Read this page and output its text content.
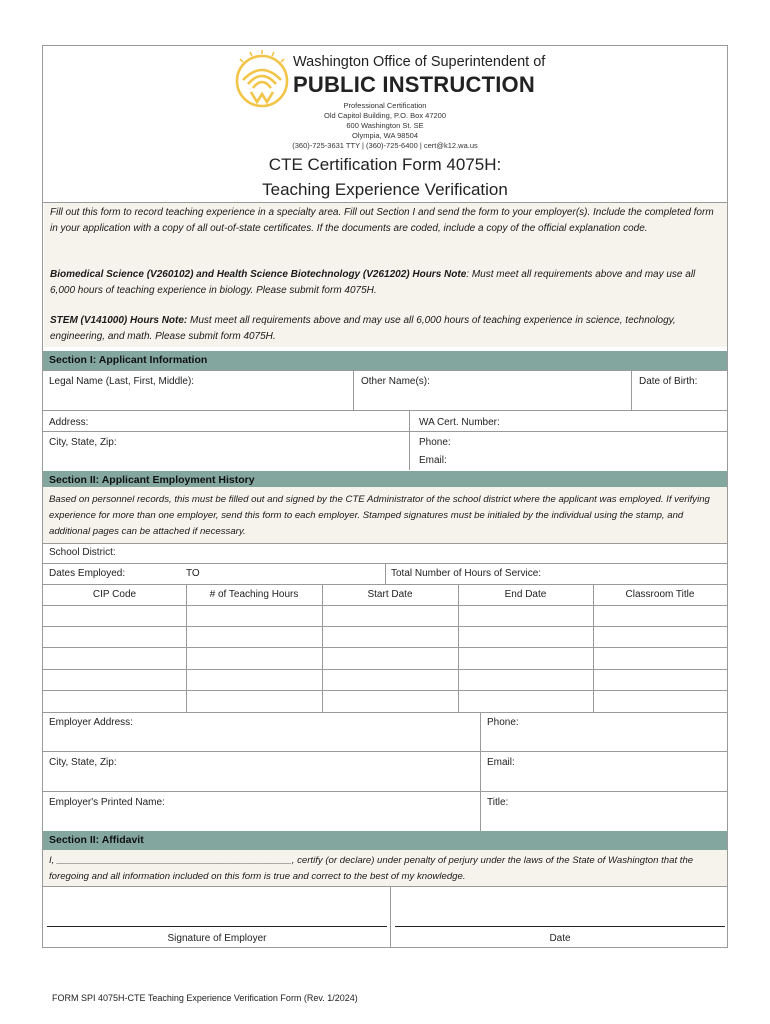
Washington Office of Superintendent of
PUBLIC INSTRUCTION
Professional Certification
Old Capitol Building, P.O. Box 47200
600 Washington St. SE
Olympia, WA 98504
(360)-725-3631 TTY | (360)-725-6400 | cert@k12.wa.us
CTE Certification Form 4075H:
Teaching Experience Verification

Fill out this form to record teaching experience in a specialty area. Fill out Section I and send the form to your employer(s). Include the completed form in your application with a copy of all out-of-state certificates. If the documents are coded, include a copy of the official explanation code.

Biomedical Science (V260102) and Health Science Biotechnology (V261202) Hours Note: Must meet all requirements above and may use all 6,000 hours of teaching experience in biology. Please submit form 4075H.

STEM (V141000) Hours Note: Must meet all requirements above and may use all 6,000 hours of teaching experience in science, technology, engineering, and math. Please submit form 4075H.

Section I: Applicant Information
Legal Name (Last, First, Middle):	Other Name(s):	Date of Birth:
Address:	WA Cert. Number:
City, State, Zip:	Phone:
Email:
Section II: Applicant Employment History
Based on personnel records, this must be filled out and signed by the CTE Administrator of the school district where the applicant was employed. If verifying experience for more than one employer, send this form to each employer. Stamped signatures must be initialed by the individual using the stamp, and additional pages can be attached if necessary.
School District:
Dates Employed:	TO	Total Number of Hours of Service:
CIP Code	# of Teaching Hours	Start Date	End Date	Classroom Title
Employer Address:	Phone:
City, State, Zip:	Email:
Employer's Printed Name:	Title:
Section II: Affidavit
I, ____________________________________________, certify (or declare) under penalty of perjury under the laws of the State of Washington that the foregoing and all information included on this form is true and correct to the best of my knowledge.
Signature of Employer	Date
FORM SPI 4075H-CTE Teaching Experience Verification Form (Rev. 1/2024)
